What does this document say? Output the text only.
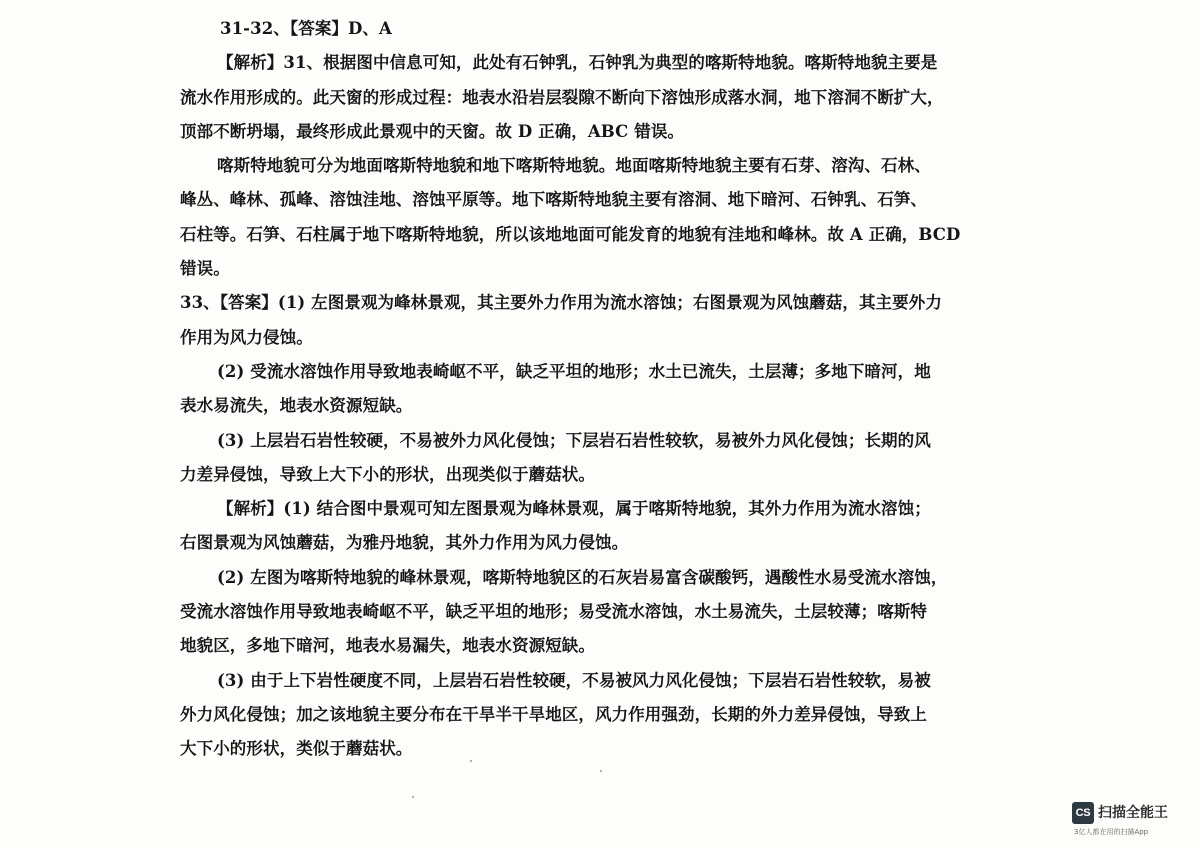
31-32、【答案】D、A
【解析】31、根据图中信息可知，此处有石钟乳，石钟乳为典型的喀斯特地貌。喀斯特地貌主要是
流水作用形成的。此天窗的形成过程：地表水沿岩层裂隙不断向下溶蚀形成落水洞，地下溶洞不断扩大，
顶部不断坍塌，最终形成此景观中的天窗。故 D 正确，ABC 错误。
喀斯特地貌可分为地面喀斯特地貌和地下喀斯特地貌。地面喀斯特地貌主要有石芽、溶沟、石林、
峰丛、峰林、孤峰、溶蚀洼地、溶蚀平原等。地下喀斯特地貌主要有溶洞、地下暗河、石钟乳、石笋、
石柱等。石笋、石柱属于地下喀斯特地貌，所以该地地面可能发育的地貌有洼地和峰林。故 A 正确，BCD
错误。
33、【答案】(1) 左图景观为峰林景观，其主要外力作用为流水溶蚀；右图景观为风蚀蘑菇，其主要外力
作用为风力侵蚀。
(2) 受流水溶蚀作用导致地表崎岖不平，缺乏平坦的地形；水土已流失，土层薄；多地下暗河，地
表水易流失，地表水资源短缺。
(3) 上层岩石岩性较硬，不易被外力风化侵蚀；下层岩石岩性较软，易被外力风化侵蚀；长期的风
力差异侵蚀，导致上大下小的形状，出现类似于蘑菇状。
【解析】(1) 结合图中景观可知左图景观为峰林景观，属于喀斯特地貌，其外力作用为流水溶蚀；
右图景观为风蚀蘑菇，为雅丹地貌，其外力作用为风力侵蚀。
(2) 左图为喀斯特地貌的峰林景观，喀斯特地貌区的石灰岩易富含碳酸钙，遇酸性水易受流水溶蚀，
受流水溶蚀作用导致地表崎岖不平，缺乏平坦的地形；易受流水溶蚀，水土易流失，土层较薄；喀斯特
地貌区，多地下暗河，地表水易漏失，地表水资源短缺。
(3) 由于上下岩性硬度不同，上层岩石岩性较硬，不易被风力风化侵蚀；下层岩石岩性较软，易被
外力风化侵蚀；加之该地貌主要分布在干旱半干旱地区，风力作用强劲，长期的外力差异侵蚀，导致上
大下小的形状，类似于蘑菇状。
CS 扫描全能王
3亿人都在用的扫描App
